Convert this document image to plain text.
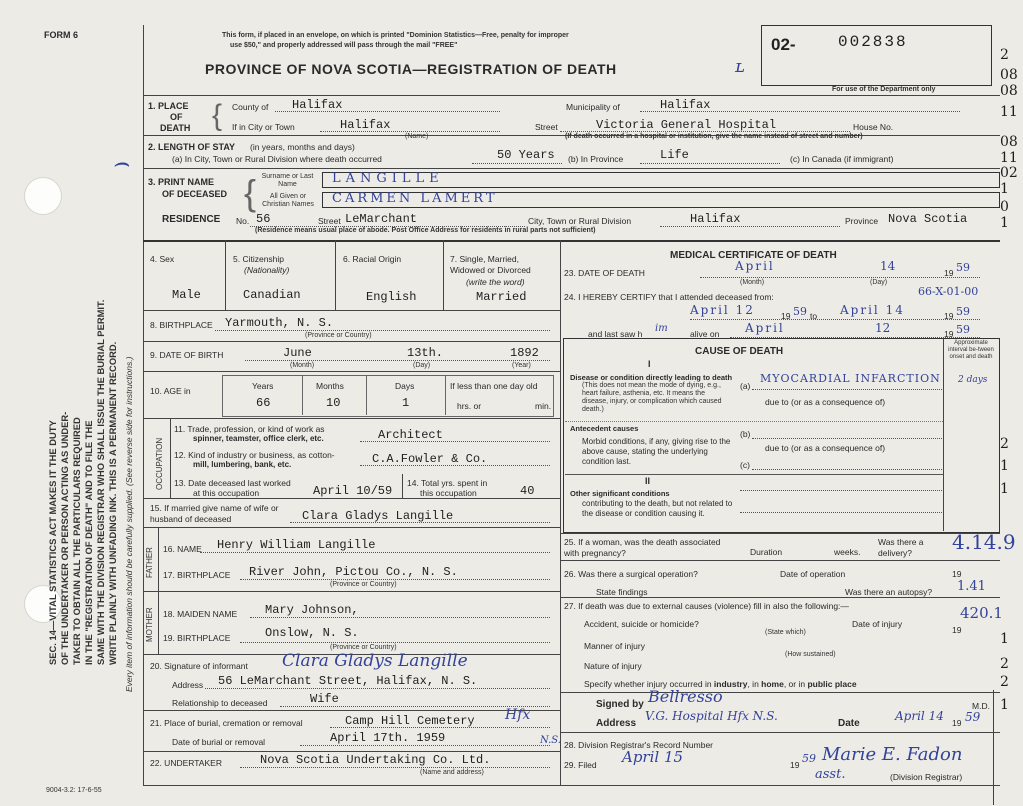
FORM 6	This form, if placed in an envelope, on which is printed "Dominion Statistics—Free, penalty for improper
use $50," and properly addressed will pass through the mail "FREE"
PROVINCE OF NOVA SCOTIA—REGISTRATION OF DEATH
02-	002838
For use of the Department only
ʟ
2
08
08
11
08
11
02
1
0
1
2
1
1
1
2
2
1
SEC. 14—VITAL STATISTICS ACT MAKES IT THE DUTY OF THE UNDERTAKER OR PERSON ACTING AS UNDER- TAKER TO OBTAIN ALL THE PARTICULARS REQUIRED IN THE "REGISTRATION OF DEATH" AND TO FILE THE SAME WITH THE DIVISION REGISTRAR WHO SHALL ISSUE THE BURIAL PERMIT. WRITE PLAINLY WITH UNFADING INK. THIS IS A PERMANENT RECORD. Every item of information should be carefully supplied. (See reverse side for instructions.)
9004-3.2: 17-6-55
⌢
1. PLACE
OF
DEATH { County of Halifax	Municipality of	Halifax
If in City or Town	Halifax
(Name)
Street	Victoria General Hospital	House No.
(If death occurred in a hospital or institution, give the name instead of street and number)
2. LENGTH OF STAY (in years, months and days)
(a) In City, Town or Rural Division where death occurred	50 Years (b) In Province	Life	(c) In Canada (if immigrant)
3. PRINT NAME
OF DECEASED { Surname or Last Name
All Given or Christian Names
LANGILLE
CARMEN LAMERT
RESIDENCE No. 56	Street LeMarchant	City, Town or Rural Division	Halifax	Province Nova Scotia
(Residence means usual place of abode. Post Office Address for residents in rural parts not sufficient)
4. Sex	5. Citizenship
(Nationality)
6. Racial Origin	7. Single, Married, Widowed or Divorced
(write the word)
Male	Canadian	English	Married
8. BIRTHPLACE Yarmouth, N. S.
(Province or Country)
9. DATE OF BIRTH	June	13th.	1892
(Month)	(Day)	(Year)
10. AGE in	Years	Months	Days	If less than one day old
66	10	1	hrs. or	min.
OCCUPATION
11. Trade, profession, or kind of work as
spinner, teamster, office clerk, etc.	Architect
12. Kind of industry or business, as cotton-
mill, lumbering, bank, etc.	C.A.Fowler & Co.
13. Date deceased last worked
at this occupation	April 10/59
14. Total yrs. spent in
this occupation	40
15. If married give name of wife or husband of deceased	Clara Gladys Langille
FATHER 16. NAME Henry William Langille
17. BIRTHPLACE River John, Pictou Co., N. S.
(Province or Country)
MOTHER 18. MAIDEN NAME Mary Johnson,
19. BIRTHPLACE	Onslow, N. S.
(Province or Country)
20. Signature of informant Clara Gladys Langille
Address 56 LeMarchant Street, Halifax, N. S.
Relationship to deceased	Wife
21. Place of burial, cremation or removal	Camp Hill Cemetery Hfx
Date of burial or removal	April 17th. 1959	N.S.
22. UNDERTAKER	Nova Scotia Undertaking Co. Ltd.
(Name and address)
MEDICAL CERTIFICATE OF DEATH
23. DATE OF DEATH	April	14	19 59
(Month)	(Day)
24. I HEREBY CERTIFY that I attended deceased from:	66-X-01-00
April 12	19 59 to April 14	19 59
and last saw h im	alive on April	12	19 59
CAUSE OF DEATH
Approximate interval be-tween onset and death
I
Disease or condition directly leading to death
(This does not mean the mode of dying, e.g., heart failure, asthenia, etc. It means the disease, injury, or complication which caused death.)
(a)
MYOCARDIAL INFARCTION 2 days
due to (or as a consequence of)
Antecedent causes
Morbid conditions, if any, giving rise to the above cause, stating the underlying condition last.
(b)
due to (or as a consequence of)
(c)
II
Other significant conditions
contributing to the death, but not related to the disease or condition causing it.
25. If a woman, was the death associated with pregnancy?	Duration	weeks.
Was there a delivery?	4.14.9
26. Was there a surgical operation?	Date of operation	19
State findings	Was there an autopsy? 1.41
27. If death was due to external causes (violence) fill in also the following:—	420.1
Accident, suicide or homicide?	Date of injury
19
(State which)
Manner of injury
(How sustained)
Nature of injury
Specify whether injury occurred in industry, in home, or in public place
Signed by Bellresso	M.D.
Address
V.G. Hospital Hfx N.S.
Date
April 14 19 59
28. Division Registrar's Record Number
29. Filed April 15	19 59 Marie E. Fadon
asst.	(Division Registrar)
